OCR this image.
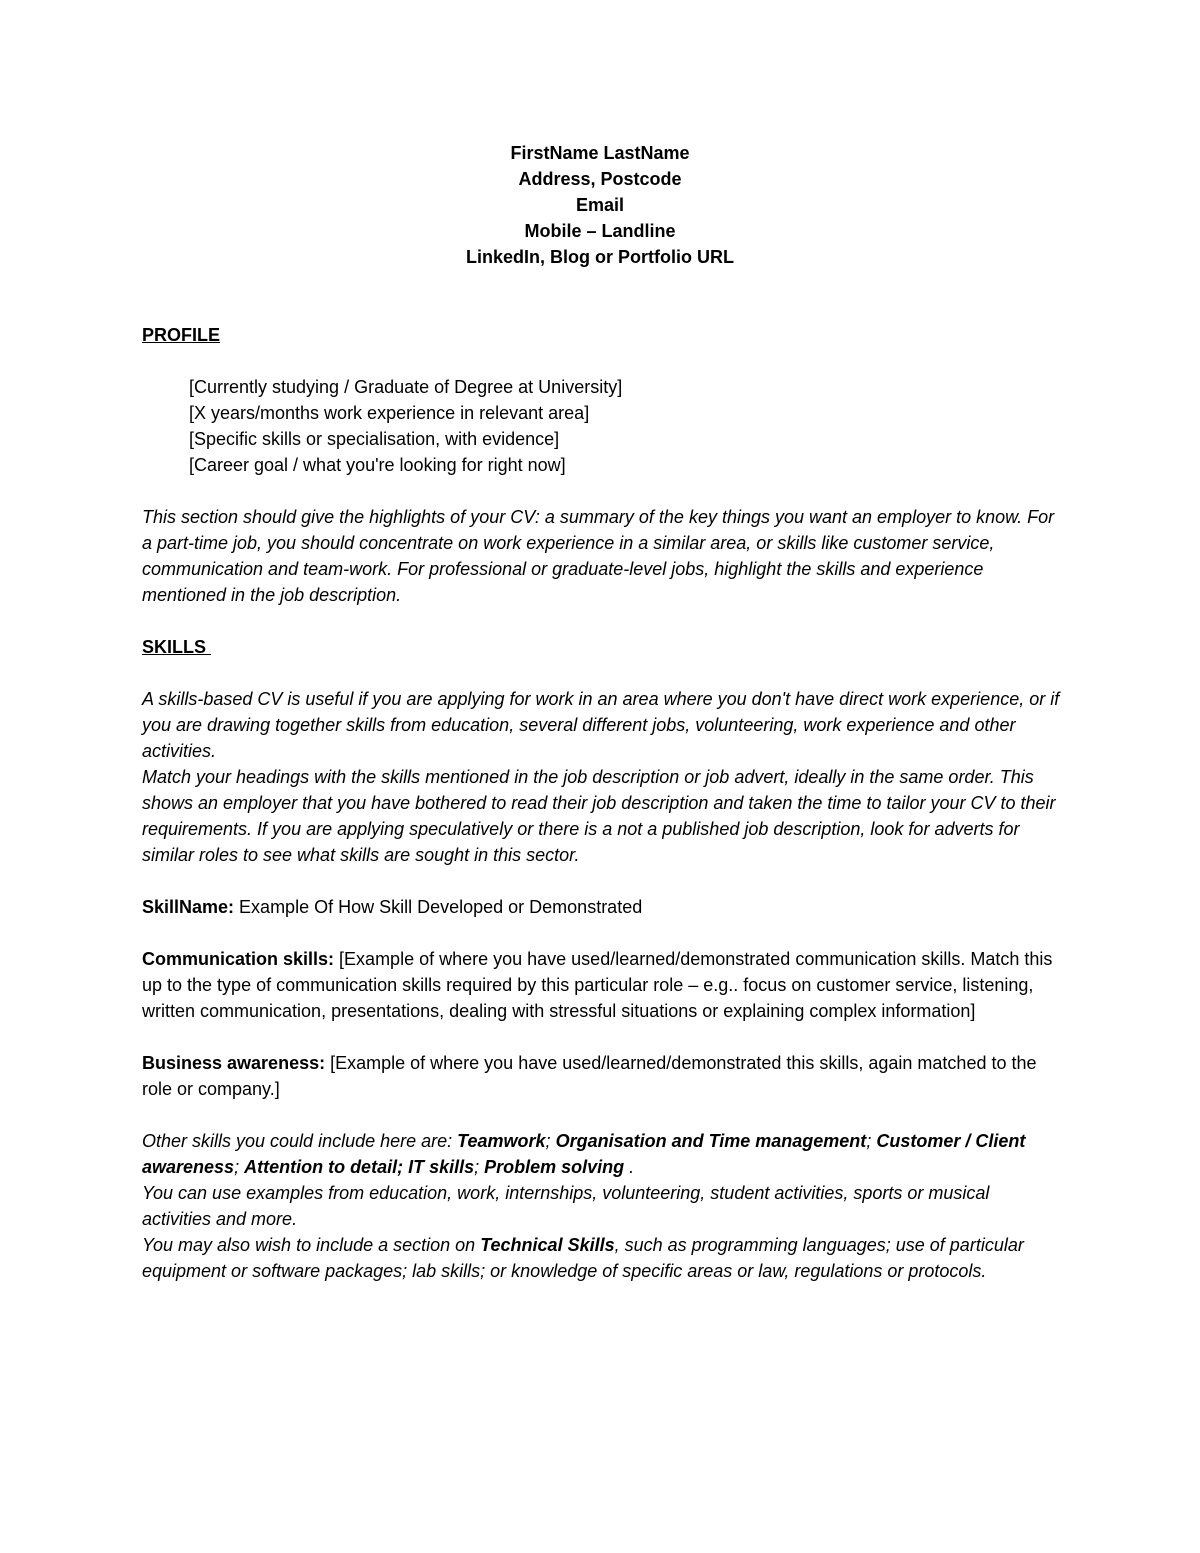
FirstName LastName
Address, Postcode
Email
Mobile – Landline
LinkedIn, Blog or Portfolio URL
PROFILE
[Currently studying / Graduate of Degree at University]
[X years/months work experience in relevant area]
[Specific skills or specialisation, with evidence]
[Career goal / what you're looking for right now]

This section should give the highlights of your CV: a summary of the key things you want an employer to know. For a part-time job, you should concentrate on work experience in a similar area, or skills like customer service, communication and team-work. For professional or graduate-level jobs, highlight the skills and experience mentioned in the job description.

SKILLS

A skills-based CV is useful if you are applying for work in an area where you don't have direct work experience, or if you are drawing together skills from education, several different jobs, volunteering, work experience and other activities.

Match your headings with the skills mentioned in the job description or job advert, ideally in the same order. This shows an employer that you have bothered to read their job description and taken the time to tailor your CV to their requirements. If you are applying speculatively or there is a not a published job description, look for adverts for similar roles to see what skills are sought in this sector.

SkillName: Example Of How Skill Developed or Demonstrated

Communication skills: [Example of where you have used/learned/demonstrated communication skills. Match this up to the type of communication skills required by this particular role – e.g.. focus on customer service, listening, written communication, presentations, dealing with stressful situations or explaining complex information]

Business awareness: [Example of where you have used/learned/demonstrated this skills, again matched to the role or company.]

Other skills you could include here are: Teamwork; Organisation and Time management; Customer / Client awareness; Attention to detail; IT skills; Problem solving .

You can use examples from education, work, internships, volunteering, student activities, sports or musical activities and more.

You may also wish to include a section on Technical Skills, such as programming languages; use of particular equipment or software packages; lab skills; or knowledge of specific areas or law, regulations or protocols.
